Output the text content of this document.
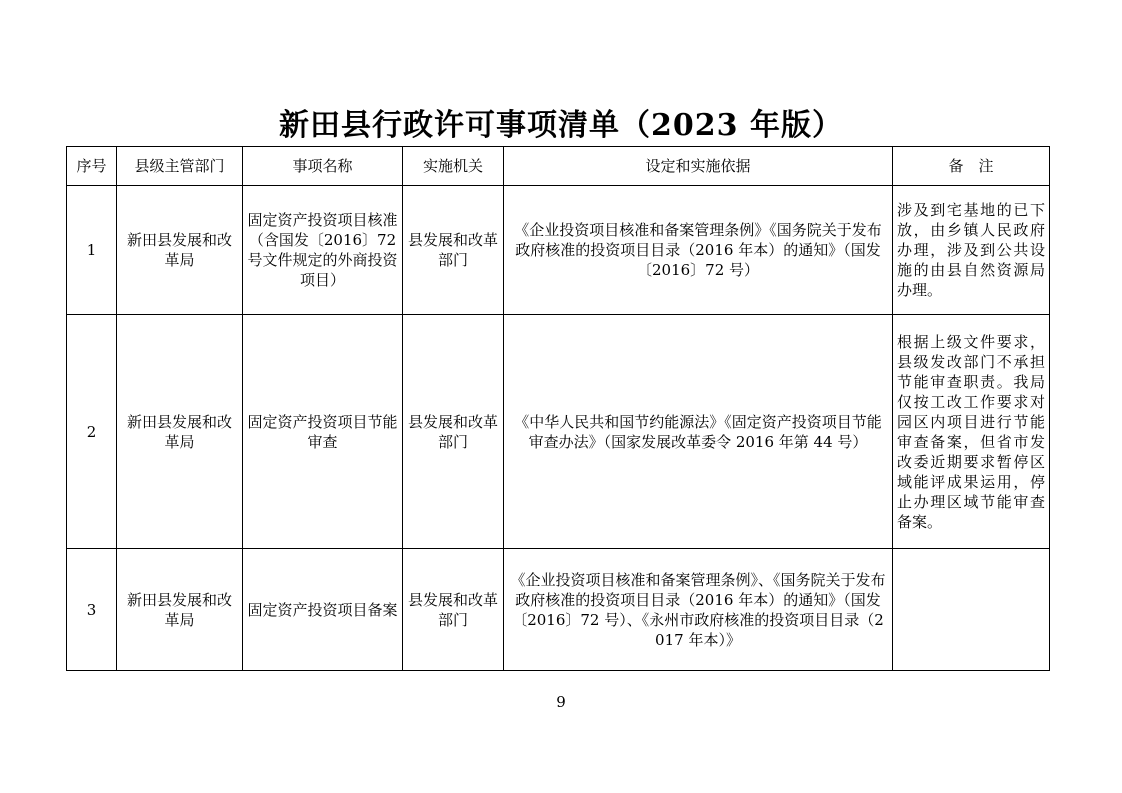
新田县行政许可事项清单（2023 年版）
序号	县级主管部门	事项名称	实施机关	设定和实施依据	备　注
1	新田县发展和改革局	固定资产投资项目核准（含国发〔2016〕72 号文件规定的外商投资项目）	县发展和改革部门	《企业投资项目核准和备案管理条例》《国务院关于发布政府核准的投资项目目录（2016 年本）的通知》（国发〔2016〕72 号）	涉及到宅基地的已下放，由乡镇人民政府办理，涉及到公共设施的由县自然资源局办理。
2	新田县发展和改革局	固定资产投资项目节能审查	县发展和改革部门	《中华人民共和国节约能源法》《固定资产投资项目节能审查办法》（国家发展改革委令 2016 年第 44 号）	根据上级文件要求，县级发改部门不承担节能审查职责。我局仅按工改工作要求对园区内项目进行节能审查备案，但省市发改委近期要求暂停区域能评成果运用，停止办理区域节能审查备案。
3	新田县发展和改革局	固定资产投资项目备案	县发展和改革部门	《企业投资项目核准和备案管理条例》、《国务院关于发布政府核准的投资项目目录（2016 年本）的通知》（国发〔2016〕72 号）、《永州市政府核准的投资项目目录（2017 年本）》	
9
